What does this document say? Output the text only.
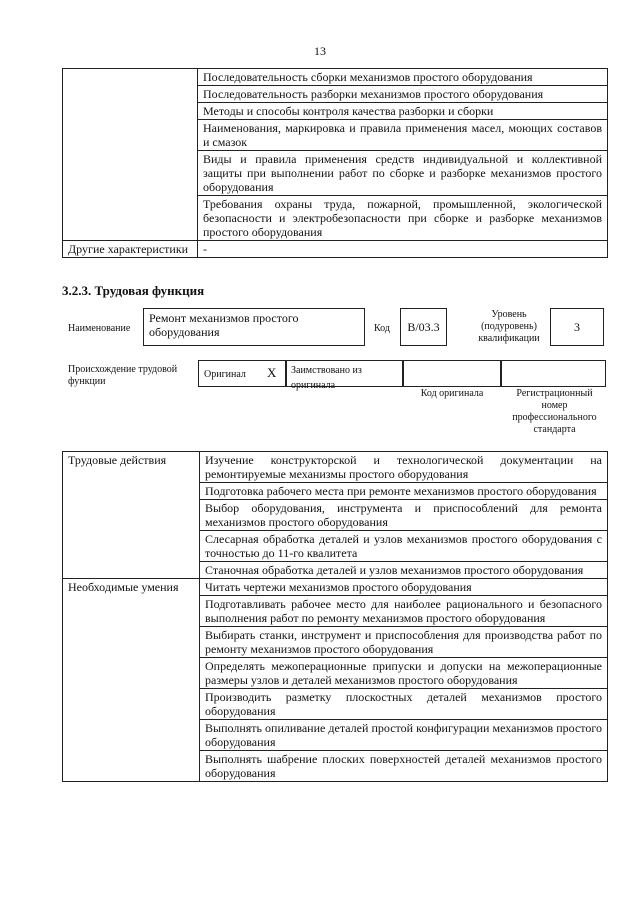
13
	Последовательность сборки механизмов простого оборудования
	Последовательность разборки механизмов простого оборудования
	Методы и способы контроля качества разборки и сборки
	Наименования, маркировка и правила применения масел, моющих составов и смазок
	Виды и правила применения средств индивидуальной и коллективной защиты при выполнении работ по сборке и разборке механизмов простого оборудования
	Требования охраны труда, пожарной, промышленной, экологической безопасности и электробезопасности при сборке и разборке механизмов простого оборудования
Другие характеристики	-
3.2.3. Трудовая функция
Наименование
Ремонт механизмов простого оборудования	Код	В/03.3
Уровень (подуровень) квалификации
3
Происхождение трудовой функции
Оригинал X	Заимствовано из оригинала
Код оригинала	Регистрационный номер профессионального стандарта
Трудовые действия	Изучение конструкторской и технологической документации на ремонтируемые механизмы простого оборудования
	Подготовка рабочего места при ремонте механизмов простого оборудования
	Выбор оборудования, инструмента и приспособлений для ремонта механизмов простого оборудования
	Слесарная обработка деталей и узлов механизмов простого оборудования с точностью до 11-го квалитета
	Станочная обработка деталей и узлов механизмов простого оборудования
Необходимые умения	Читать чертежи механизмов простого оборудования
	Подготавливать рабочее место для наиболее рационального и безопасного выполнения работ по ремонту механизмов простого оборудования
	Выбирать станки, инструмент и приспособления для производства работ по ремонту механизмов простого оборудования
	Определять межоперационные припуски и допуски на межоперационные размеры узлов и деталей механизмов простого оборудования
	Производить разметку плоскостных деталей механизмов простого оборудования
	Выполнять опиливание деталей простой конфигурации механизмов простого оборудования
	Выполнять шабрение плоских поверхностей деталей механизмов простого оборудования
